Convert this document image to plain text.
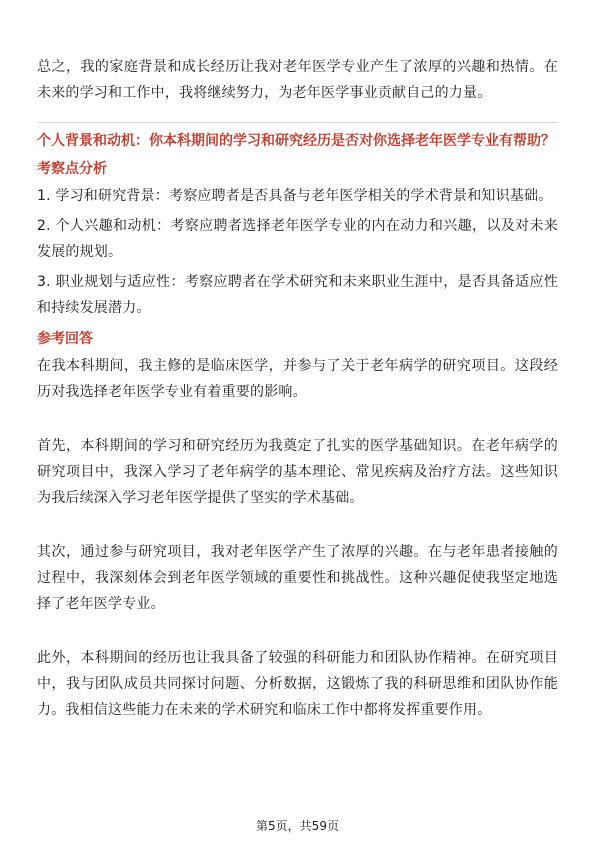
总之，我的家庭背景和成长经历让我对老年医学专业产生了浓厚的兴趣和热情。在未来的学习和工作中，我将继续努力，为老年医学事业贡献自己的力量。

个人背景和动机：你本科期间的学习和研究经历是否对你选择老年医学专业有帮助？
考察点分析

1. 学习和研究背景：考察应聘者是否具备与老年医学相关的学术背景和知识基础。

2. 个人兴趣和动机：考察应聘者选择老年医学专业的内在动力和兴趣，以及对未来发展的规划。

3. 职业规划与适应性：考察应聘者在学术研究和未来职业生涯中，是否具备适应性和持续发展潜力。

参考回答

在我本科期间，我主修的是临床医学，并参与了关于老年病学的研究项目。这段经历对我选择老年医学专业有着重要的影响。

首先，本科期间的学习和研究经历为我奠定了扎实的医学基础知识。在老年病学的研究项目中，我深入学习了老年病学的基本理论、常见疾病及治疗方法。这些知识为我后续深入学习老年医学提供了坚实的学术基础。

其次，通过参与研究项目，我对老年医学产生了浓厚的兴趣。在与老年患者接触的过程中，我深刻体会到老年医学领域的重要性和挑战性。这种兴趣促使我坚定地选择了老年医学专业。

此外，本科期间的经历也让我具备了较强的科研能力和团队协作精神。在研究项目中，我与团队成员共同探讨问题、分析数据，这锻炼了我的科研思维和团队协作能力。我相信这些能力在未来的学术研究和临床工作中都将发挥重要作用。

第5页，共59页
